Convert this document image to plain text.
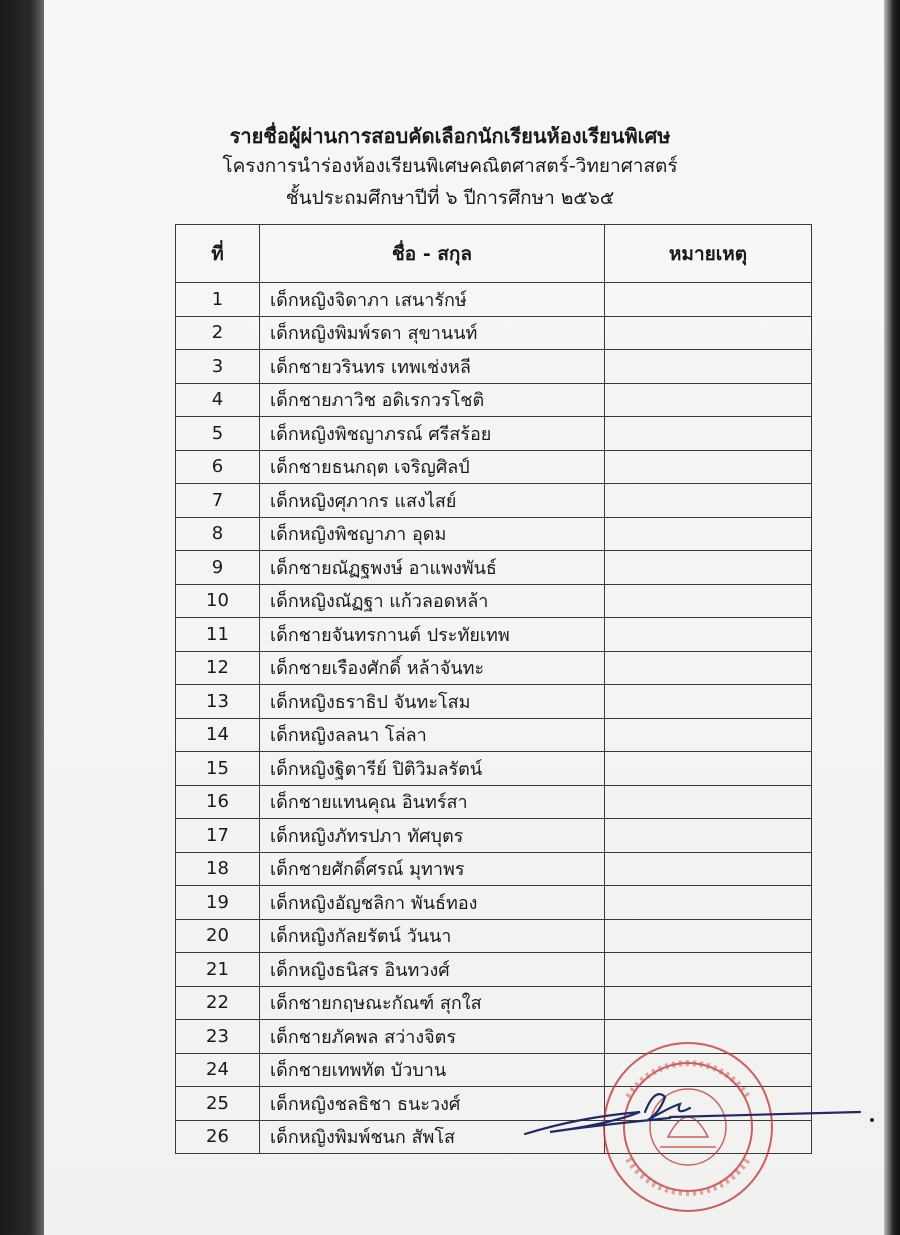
รายชื่อผู้ผ่านการสอบคัดเลือกนักเรียนห้องเรียนพิเศษ
โครงการนำร่องห้องเรียนพิเศษคณิตศาสตร์-วิทยาศาสตร์
ชั้นประถมศึกษาปีที่ ๖ ปีการศึกษา ๒๕๖๕
ที่	ชื่อ - สกุล	หมายเหตุ
1	เด็กหญิงจิดาภา เสนารักษ์	
2	เด็กหญิงพิมพ์รดา สุขานนท์	
3	เด็กชายวรินทร เทพเช่งหลี	
4	เด็กชายภาวิช อดิเรกวรโชติ	
5	เด็กหญิงพิชญาภรณ์ ศรีสร้อย	
6	เด็กชายธนกฤต เจริญศิลป์	
7	เด็กหญิงศุภากร แสงไสย์	
8	เด็กหญิงพิชญาภา อุดม	
9	เด็กชายณัฏฐพงษ์ อาแพงพันธ์	
10	เด็กหญิงณัฏฐา แก้วลอดหล้า	
11	เด็กชายจันทรกานต์ ประทัยเทพ	
12	เด็กชายเรืองศักดิ์ หล้าจันทะ	
13	เด็กหญิงธราธิป จันทะโสม	
14	เด็กหญิงลลนา โล่ลา	
15	เด็กหญิงฐิตารีย์ ปิติวิมลรัตน์	
16	เด็กชายแทนคุณ อินทร์สา	
17	เด็กหญิงภัทรปภา ทัศบุตร	
18	เด็กชายศักดิ์ศรณ์ มุทาพร	
19	เด็กหญิงอัญชลิกา พันธ์ทอง	
20	เด็กหญิงกัลยรัตน์ วันนา	
21	เด็กหญิงธนิสร อินทวงศ์	
22	เด็กชายกฤษณะกัณฑ์ สุกใส	
23	เด็กชายภัคพล สว่างจิตร	
24	เด็กชายเทพทัต บัวบาน	
25	เด็กหญิงชลธิชา ธนะวงศ์	
26	เด็กหญิงพิมพ์ชนก สัพโส	
